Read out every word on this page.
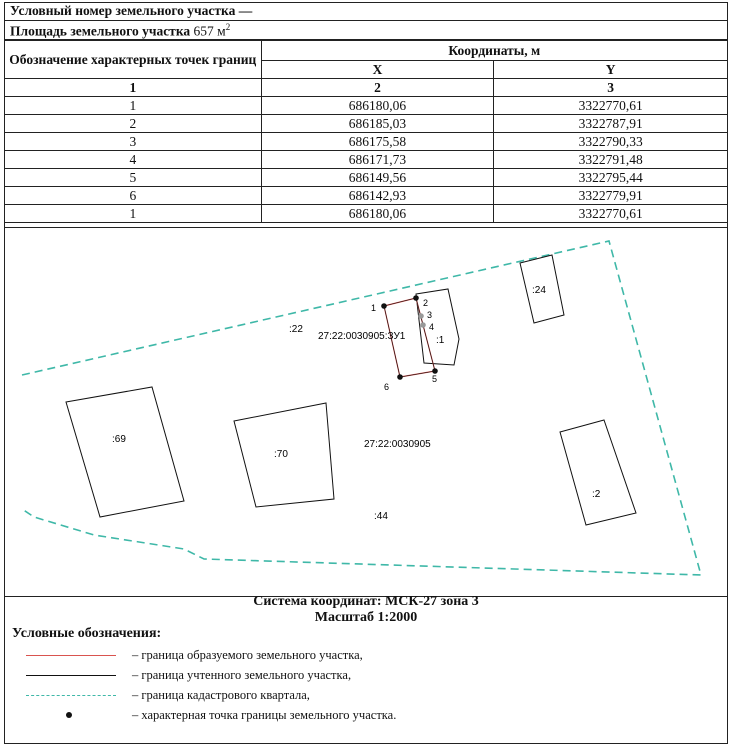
Условный номер земельного участка —
Площадь земельного участка 657 $м^2$
Обозначение характерных точек границ	Координаты, м	
	X	Y
1	2	3
1	686180,06	3322770,61
2	686185,03	3322787,91
3	686175,58	3322790,33
4	686171,73	3322791,48
5	686149,56	3322795,44
6	686142,93	3322779,91
1	686180,06	3322770,61
1	2
3
4
5
6
27:22:0030905:ЗУ1
27:22:0030905
:22
:1
:24
:69
:70
:2
:44
Система координат: МСК-27 зона 3
Масштаб 1:2000
Условные обозначения:
– граница образуемого земельного участка,
– граница учтенного земельного участка,
– граница кадастрового квартала,
– характерная точка границы земельного участка.
